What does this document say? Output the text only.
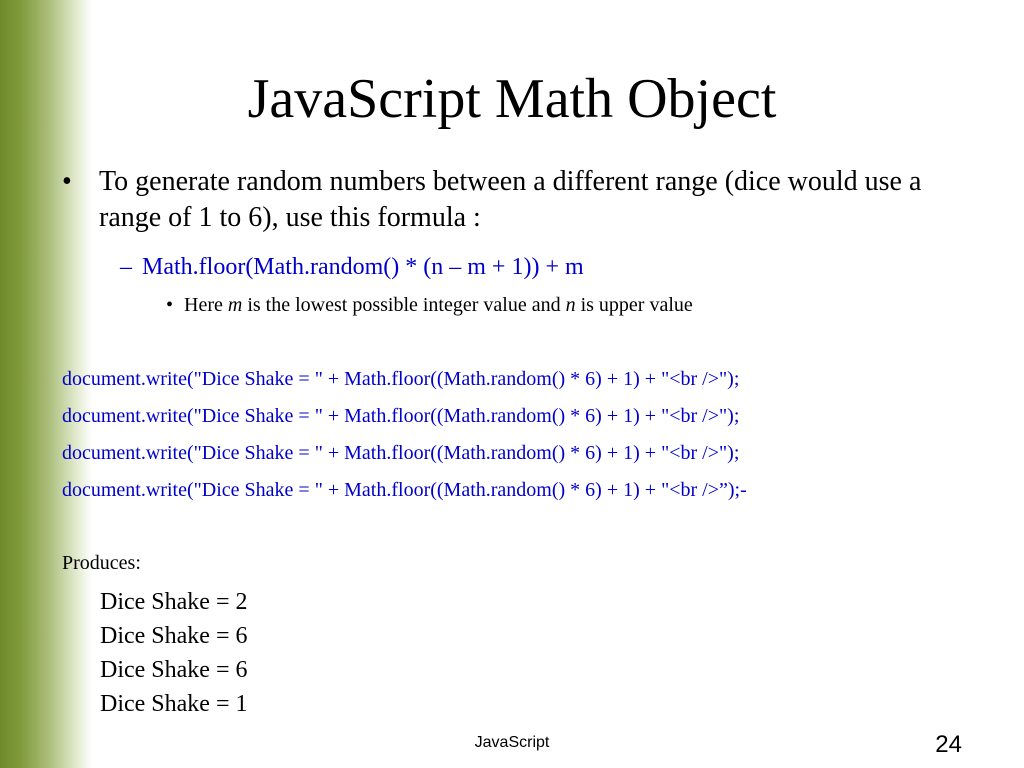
JavaScript Math Object
• To generate random numbers between a different range (dice would use a range of 1 to 6), use this formula :
– Math.floor(Math.random() * (n – m + 1)) + m
• Here m is the lowest possible integer value and n is upper value
document.write("Dice Shake = " + Math.floor((Math.random() * 6) + 1) + "<br />");
document.write("Dice Shake = " + Math.floor((Math.random() * 6) + 1) + "<br />");
document.write("Dice Shake = " + Math.floor((Math.random() * 6) + 1) + "<br />");
document.write("Dice Shake = " + Math.floor((Math.random() * 6) + 1) + "<br />”);-
Produces:
Dice Shake = 2
Dice Shake = 6
Dice Shake = 6
Dice Shake = 1
JavaScript	24
